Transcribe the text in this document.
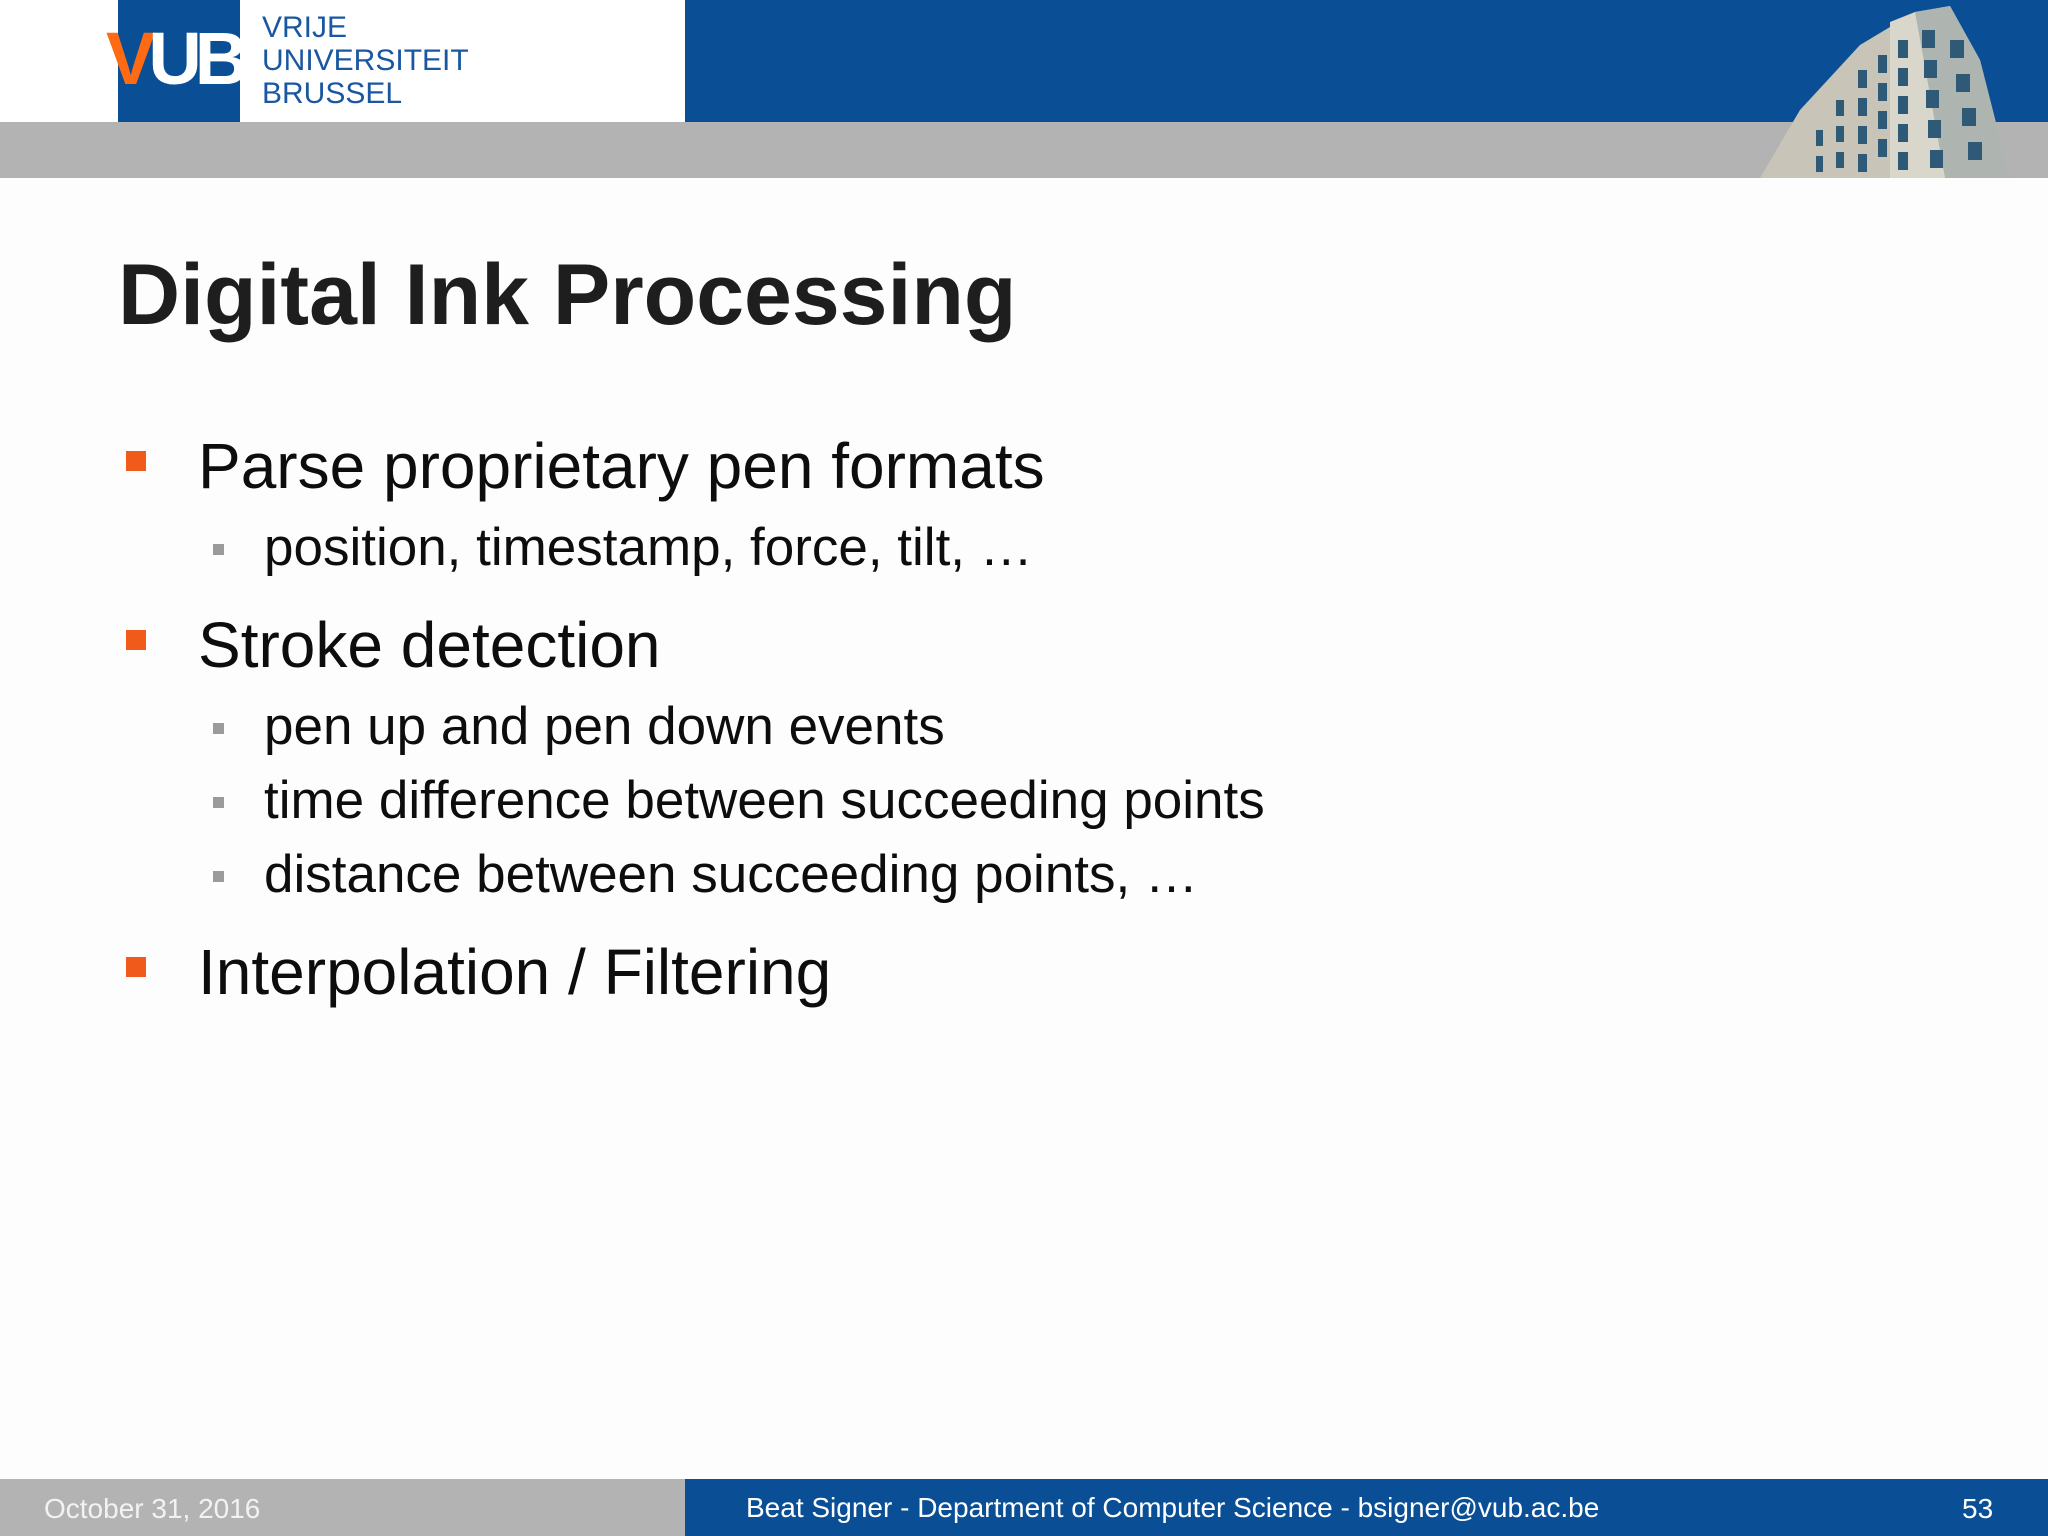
VUB VRIJE
UNIVERSITEIT
BRUSSEL
Digital Ink Processing
Parse proprietary pen formats
position, timestamp, force, tilt, …
Stroke detection
pen up and pen down events
time difference between succeeding points
distance between succeeding points, …
Interpolation / Filtering
October 31, 2016	Beat Signer - Department of Computer Science - bsigner@vub.ac.be	53
